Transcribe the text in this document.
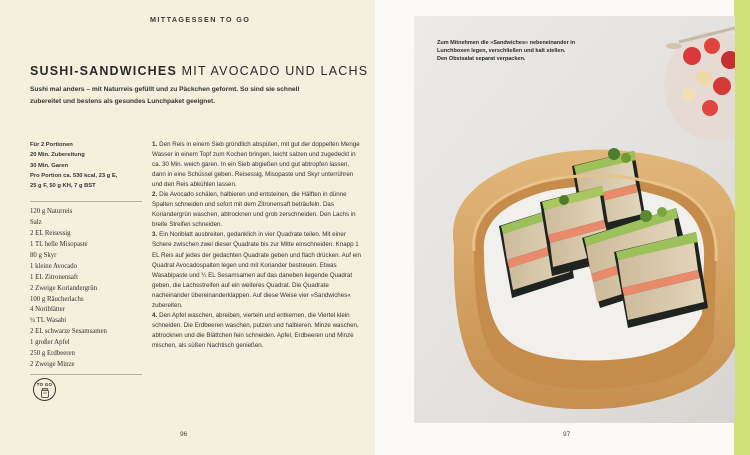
MITTAGESSEN TO GO
SUSHI-SANDWICHES MIT AVOCADO UND LACHS

Sushi mal anders – mit Naturreis gefüllt und zu Päckchen geformt. So sind sie schnell zubereitet und bestens als gesundes Lunchpaket geeignet.

Für 2 Portionen
20 Min. Zubereitung
30 Min. Garen
Pro Portion ca. 530 kcal, 23 g E,
25 g F, 50 g KH, 7 g BST
120 g Naturreis
Salz
2 EL Reisessig
1 TL helle Misopaste
80 g Skyr
1 kleine Avocado
1 EL Zitronensaft
2 Zweige Koriandergrün
100 g Räucherlachs
4 Noriblätter
¼ TL Wasabi
2 EL schwarze Sesamsamen
1 großer Apfel
250 g Erdbeeren
2 Zweige Minze
TO GO

1. Den Reis in einem Sieb gründlich abspülen, mit gut der doppelten Menge Wasser in einem Topf zum Kochen bringen, leicht salzen und zugedeckt in ca. 30 Min. weich garen. In ein Sieb abgießen und gut abtropfen lassen, dann in eine Schüssel geben. Reisessig, Misopaste und Skyr unterrühren und den Reis abkühlen lassen.

2. Die Avocado schälen, halbieren und entsteinen, die Hälften in dünne Spalten schneiden und sofort mit dem Zitronensaft beträufeln. Das Koriandergrün waschen, abtrocknen und grob zerschneiden. Den Lachs in breite Streifen schneiden.

3. Ein Noriblatt ausbreiten, gedanklich in vier Quadrate teilen. Mit einer Schere zwischen zwei dieser Quadrate bis zur Mitte einschneiden. Knapp 1 EL Reis auf jedes der gedachten Quadrate geben und flach drücken. Auf ein Quadrat Avocadospalten legen und mit Koriander bestreuen. Etwas Wasabipaste und ¼ EL Sesamsamen auf das daneben liegende Quadrat geben, die Lachsstreifen auf ein weiteres Quadrat. Die Quadrate nacheinander übereinanderklappen. Auf diese Weise vier »Sandwiches« zubereiten.

4. Den Apfel waschen, abreiben, vierteln und entkernen, die Viertel klein schneiden. Die Erdbeeren waschen, putzen und halbieren. Minze waschen, abtrocknen und die Blättchen fein schneiden. Apfel, Erdbeeren und Minze mischen, als süßen Nachtisch genießen.

96	97

Zum Mitnehmen die »Sandwiches« nebeneinander in Lunchboxen legen, verschließen und kalt stellen. Den Obstsalat separat verpacken.
